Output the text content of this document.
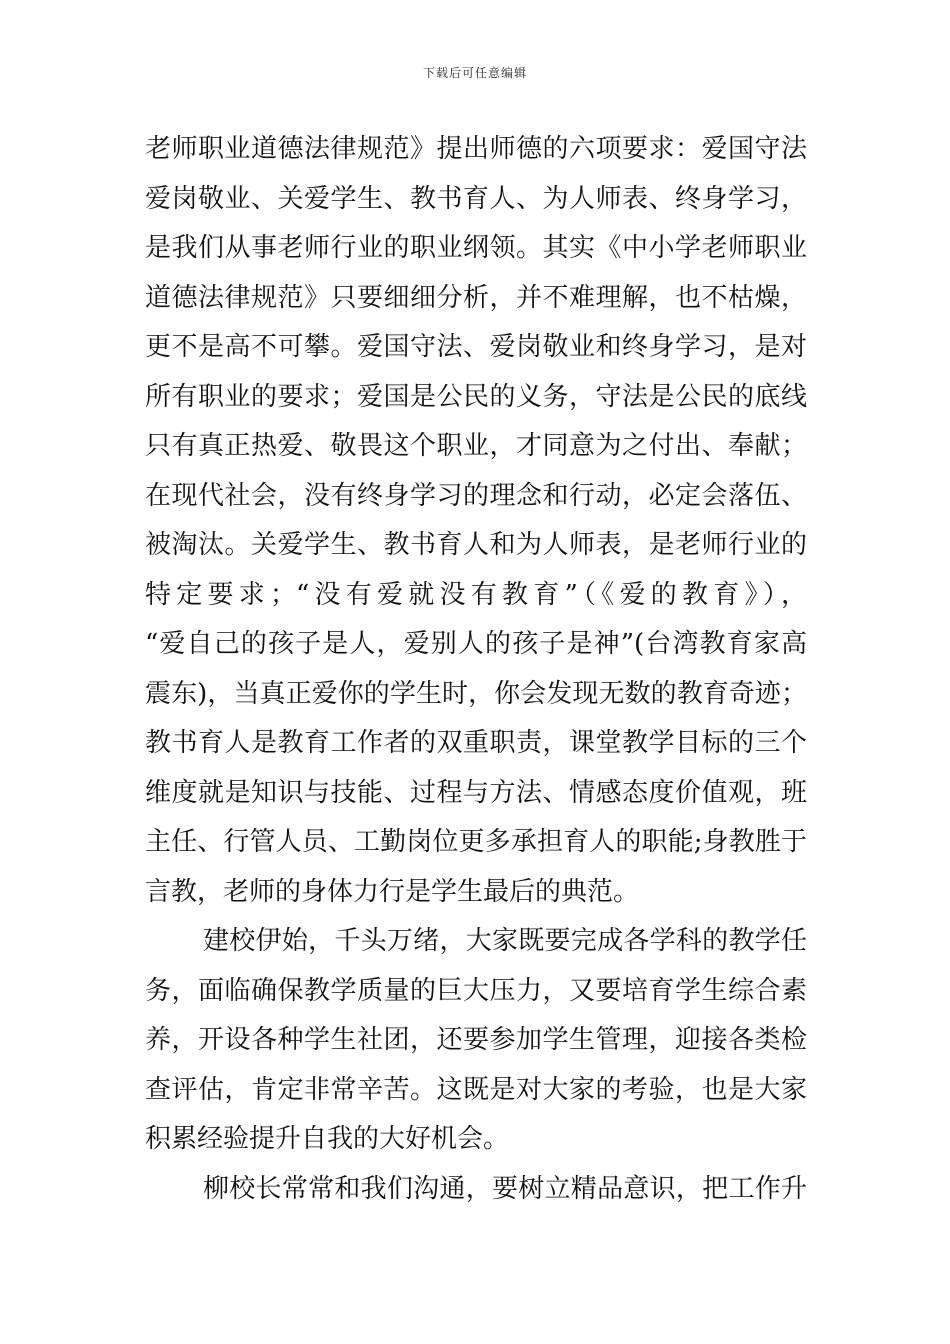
下载后可任意编辑
老师职业道德法律规范》提出师德的六项要求：爱国守法
爱岗敬业、关爱学生、教书育人、为人师表、终身学习，
是我们从事老师行业的职业纲领。其实《中小学老师职业
道德法律规范》只要细细分析，并不难理解，也不枯燥，
更不是高不可攀。爱国守法、爱岗敬业和终身学习，是对
所有职业的要求；爱国是公民的义务，守法是公民的底线
只有真正热爱、敬畏这个职业，才同意为之付出、奉献；
在现代社会，没有终身学习的理念和行动，必定会落伍、
被淘汰。关爱学生、教书育人和为人师表，是老师行业的
特定要求；“没有爱就没有教育”（《爱的教育》），
“爱自己的孩子是人，爱别人的孩子是神”(台湾教育家高
震东)，当真正爱你的学生时，你会发现无数的教育奇迹；
教书育人是教育工作者的双重职责，课堂教学目标的三个
维度就是知识与技能、过程与方法、情感态度价值观，班
主任、行管人员、工勤岗位更多承担育人的职能;身教胜于
言教，老师的身体力行是学生最后的典范。
建校伊始，千头万绪，大家既要完成各学科的教学任
务，面临确保教学质量的巨大压力，又要培育学生综合素
养，开设各种学生社团，还要参加学生管理，迎接各类检
查评估，肯定非常辛苦。这既是对大家的考验，也是大家
积累经验提升自我的大好机会。
柳校长常常和我们沟通，要树立精品意识，把工作升
